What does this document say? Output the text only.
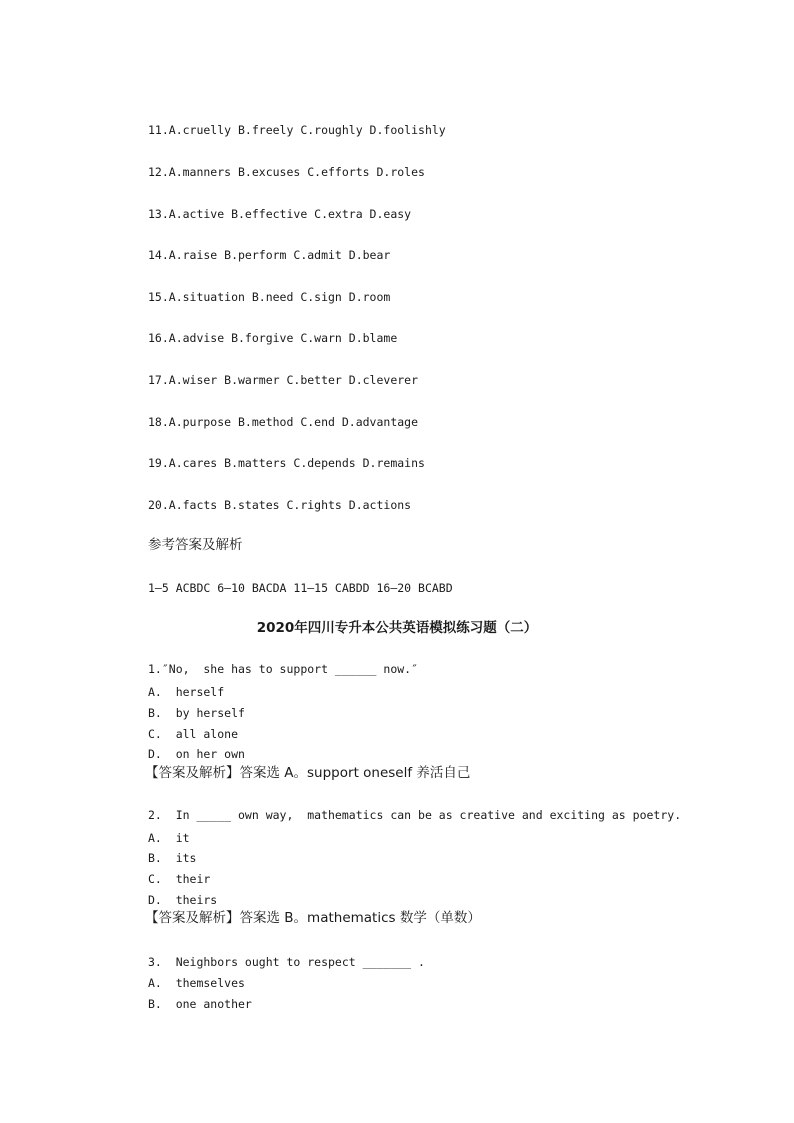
11.A.cruelly B.freely C.roughly D.foolishly
12.A.manners B.excuses C.efforts D.roles
13.A.active B.effective C.extra D.easy
14.A.raise B.perform C.admit D.bear
15.A.situation B.need C.sign D.room
16.A.advise B.forgive C.warn D.blame
17.A.wiser B.warmer C.better D.cleverer
18.A.purpose B.method C.end D.advantage
19.A.cares B.matters C.depends D.remains
20.A.facts B.states C.rights D.actions
参考答案及解析
1—5 ACBDC 6—10 BACDA 11—15 CABDD 16—20 BCABD
2020年四川专升本公共英语模拟练习题（二）
1.″No,  she has to support ______ now.″
A.  herself
B.  by herself
C.  all alone
D.  on her own
【答案及解析】答案选 A。support oneself 养活自己
2.  In _____ own way,  mathematics can be as creative and exciting as poetry.
A.  it
B.  its
C.  their
D.  theirs
【答案及解析】答案选 B。mathematics 数学（单数）
3.  Neighbors ought to respect _______ .
A.  themselves
B.  one another
